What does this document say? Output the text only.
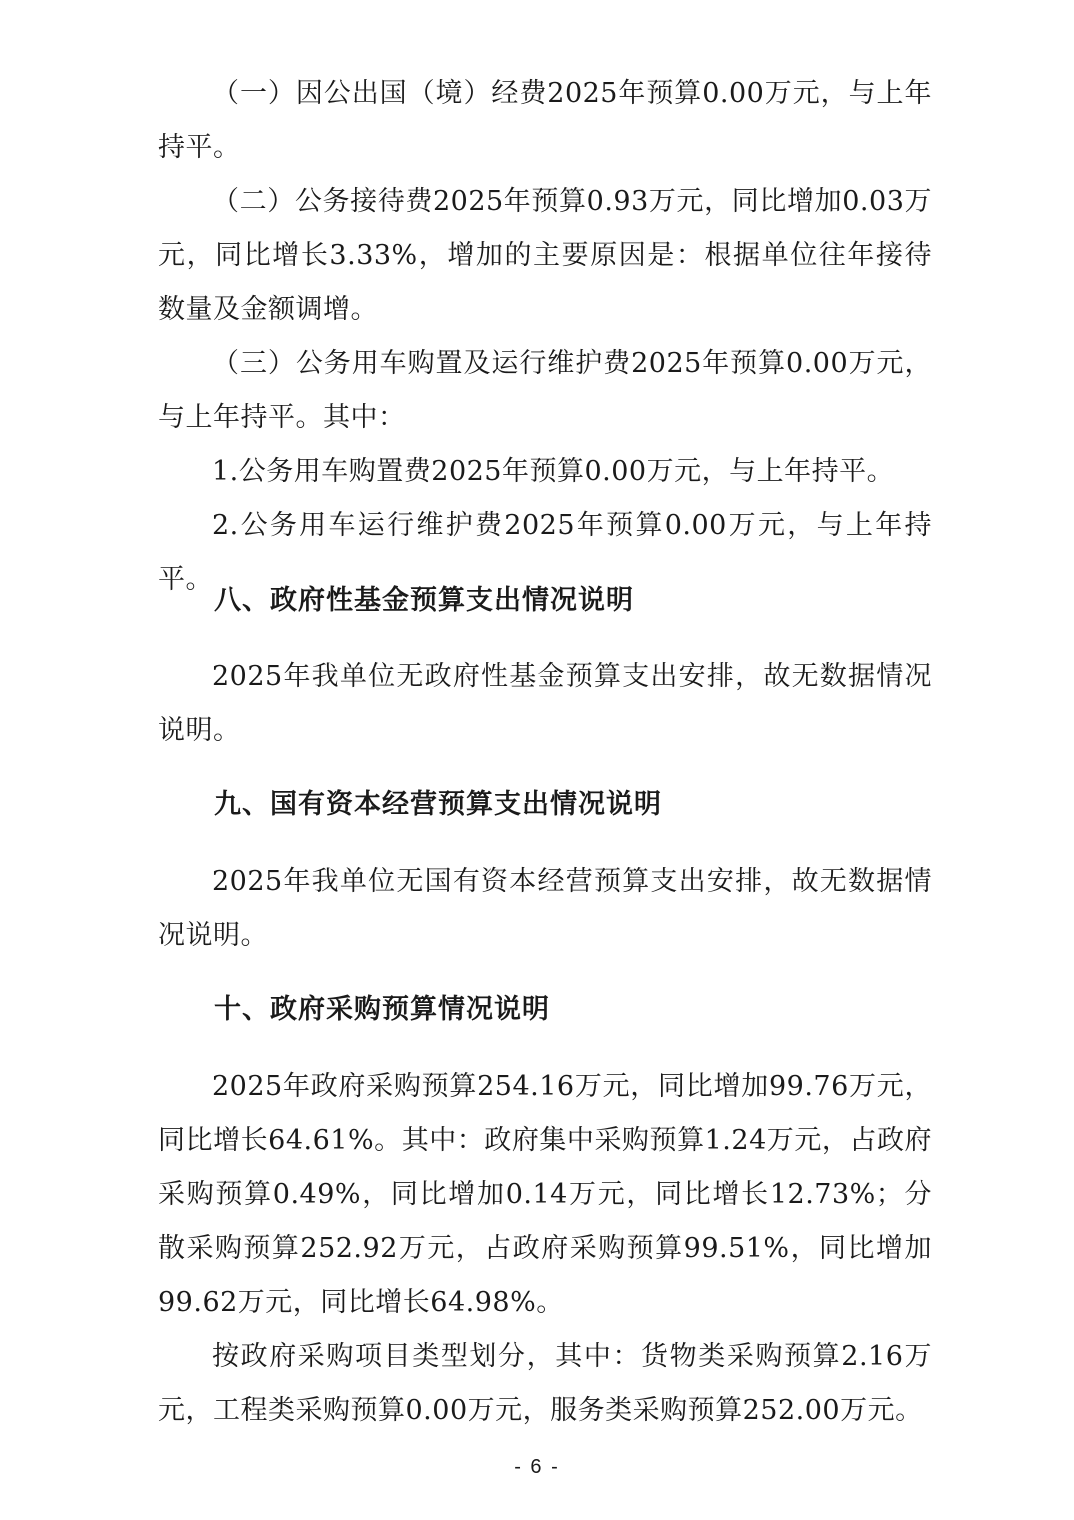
（一）因公出国（境）经费2025年预算0.00万元，与上年持平。

（二）公务接待费2025年预算0.93万元，同比增加0.03万元，同比增长3.33%，增加的主要原因是：根据单位往年接待数量及金额调增。

（三）公务用车购置及运行维护费2025年预算0.00万元，与上年持平。其中：

1.公务用车购置费2025年预算0.00万元，与上年持平。

2.公务用车运行维护费2025年预算0.00万元，与上年持平。

八、政府性基金预算支出情况说明

2025年我单位无政府性基金预算支出安排，故无数据情况说明。

九、国有资本经营预算支出情况说明

2025年我单位无国有资本经营预算支出安排，故无数据情况说明。

十、政府采购预算情况说明

2025年政府采购预算254.16万元，同比增加99.76万元，同比增长64.61%。其中：政府集中采购预算1.24万元，占政府采购预算0.49%，同比增加0.14万元，同比增长12.73%；分散采购预算252.92万元，占政府采购预算99.51%，同比增加99.62万元，同比增长64.98%。

按政府采购项目类型划分，其中：货物类采购预算2.16万元，工程类采购预算0.00万元，服务类采购预算252.00万元。

- 6 -
